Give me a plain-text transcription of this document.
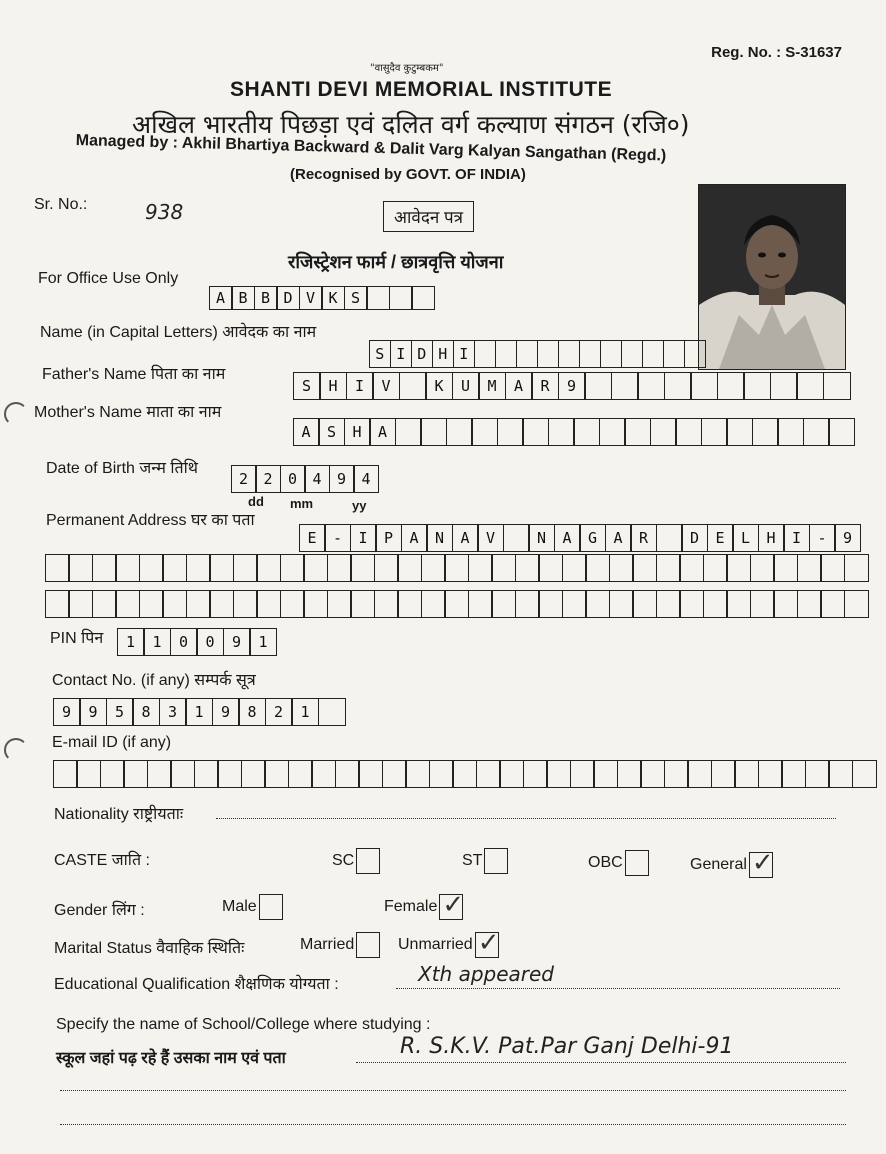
"वासुदैव कुटुम्बकम"
Reg. No. : S-31637
SHANTI DEVI MEMORIAL INSTITUTE
अखिल भारतीय पिछड़ा एवं दलित वर्ग कल्याण संगठन (रजि०)
Managed by : Akhil Bhartiya Backward & Dalit Varg Kalyan Sangathan (Regd.)
(Recognised by GOVT. OF INDIA)
Sr. No.:	938	आवेदन पत्र
रजिस्ट्रेशन फार्म / छात्रवृत्ति योजना
For Office Use Only
A B B D V K S
Name (in Capital Letters) आवेदक का नाम
S I D H I
Father's Name पिता का नाम
S	H	I	V	K	U	M	A	R	9
Mother's Name माता का नाम
A	S	H	A
Date of Birth जन्म तिथि
2	2	0	4	9	4
dd mm	yy
Permanent Address घर का पता
E	-	I	P	A	N	A	V	N	A	G	A	R	D	E	L	H	I	-	9
PIN पिन	1	1	0	0	9	1
Contact No. (if any) सम्पर्क सूत्र
9	9	5	8	3	1	9	8	2	1
E-mail ID (if any)
Nationality राष्ट्रीयताः
CASTE जाति :	SC	ST	OBC	General ✓
Gender लिंग :	Male	Female ✓
Marital Status वैवाहिक स्थितिः	Married	Unmarried ✓
Educational Qualification शैक्षणिक योग्यता :	Xth appeared
Specify the name of School/College where studying :
स्कूल जहां पढ़ रहे हैं उसका नाम एवं पता	R. S.K.V. Pat.Par Ganj Delhi-91
